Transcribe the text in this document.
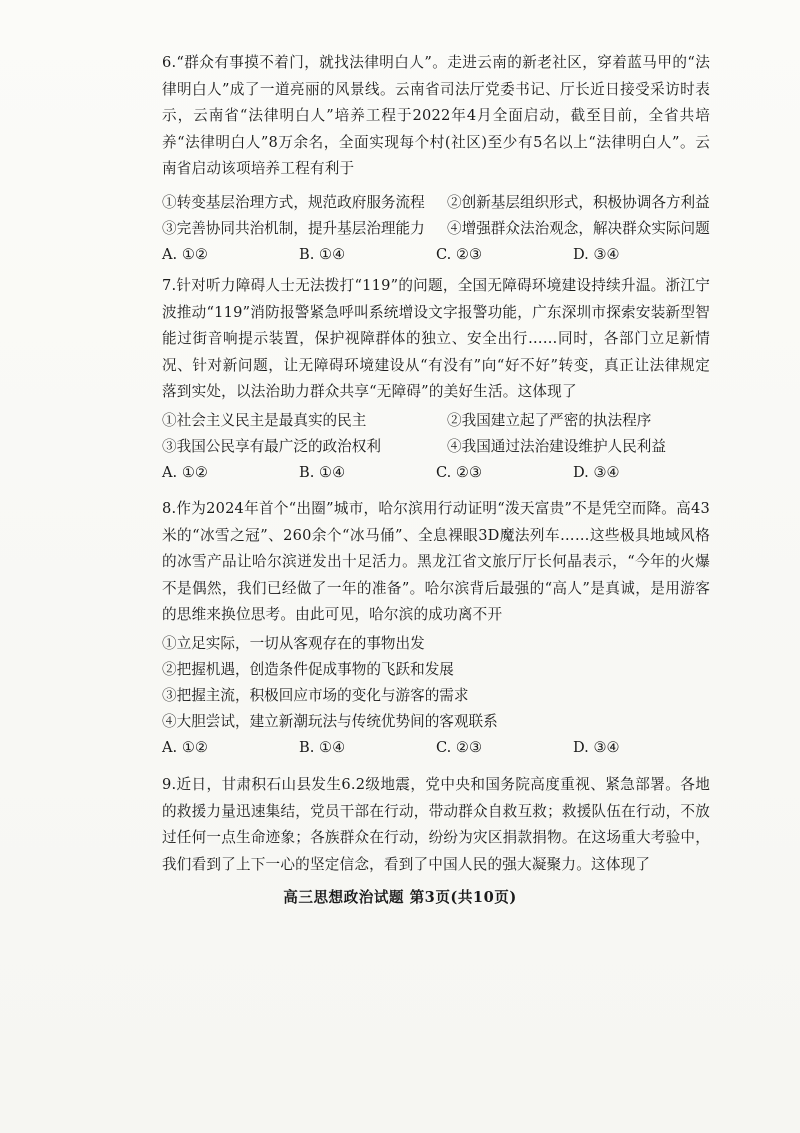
6.“群众有事摸不着门，就找法律明白人”。走进云南的新老社区，穿着蓝马甲的“法律明白人”成了一道亮丽的风景线。云南省司法厅党委书记、厅长近日接受采访时表示，云南省“法律明白人”培养工程于2022年4月全面启动，截至目前，全省共培养“法律明白人”8万余名，全面实现每个村(社区)至少有5名以上“法律明白人”。云南省启动该项培养工程有利于
①转变基层治理方式，规范政府服务流程	②创新基层组织形式，积极协调各方利益
③完善协同共治机制，提升基层治理能力	④增强群众法治观念，解决群众实际问题
A. ①②	B. ①④	C. ②③	D. ③④
7.针对听力障碍人士无法拨打“119”的问题，全国无障碍环境建设持续升温。浙江宁波推动“119”消防报警紧急呼叫系统增设文字报警功能，广东深圳市探索安装新型智能过街音响提示装置，保护视障群体的独立、安全出行……同时，各部门立足新情况、针对新问题，让无障碍环境建设从“有没有”向“好不好”转变，真正让法律规定落到实处，以法治助力群众共享“无障碍”的美好生活。这体现了
①社会主义民主是最真实的民主	②我国建立起了严密的执法程序
③我国公民享有最广泛的政治权利	④我国通过法治建设维护人民利益
A. ①②	B. ①④	C. ②③	D. ③④
8.作为2024年首个“出圈”城市，哈尔滨用行动证明“泼天富贵”不是凭空而降。高43米的“冰雪之冠”、260余个“冰马俑”、全息裸眼3D魔法列车……这些极具地域风格的冰雪产品让哈尔滨迸发出十足活力。黑龙江省文旅厅厅长何晶表示，“今年的火爆不是偶然，我们已经做了一年的准备”。哈尔滨背后最强的“高人”是真诚，是用游客的思维来换位思考。由此可见，哈尔滨的成功离不开
①立足实际，一切从客观存在的事物出发
②把握机遇，创造条件促成事物的飞跃和发展
③把握主流，积极回应市场的变化与游客的需求
④大胆尝试，建立新潮玩法与传统优势间的客观联系
A. ①②	B. ①④	C. ②③	D. ③④
9.近日，甘肃积石山县发生6.2级地震，党中央和国务院高度重视、紧急部署。各地的救援力量迅速集结，党员干部在行动，带动群众自救互救；救援队伍在行动，不放过任何一点生命迹象；各族群众在行动，纷纷为灾区捐款捐物。在这场重大考验中，我们看到了上下一心的坚定信念，看到了中国人民的强大凝聚力。这体现了
高三思想政治试题 第3页(共10页)
